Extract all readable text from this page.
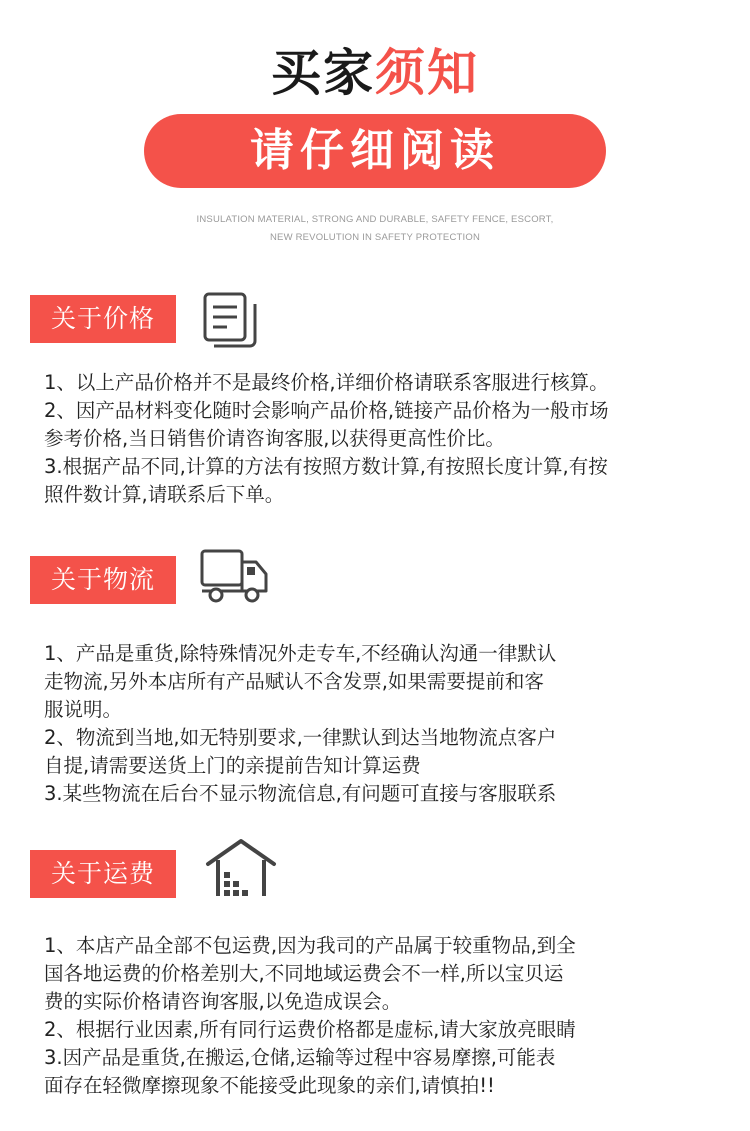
买家须知
请仔细阅读
INSULATION MATERIAL, STRONG AND DURABLE, SAFETY FENCE, ESCORT,
NEW REVOLUTION IN SAFETY PROTECTION
关于价格

1、以上产品价格并不是最终价格,详细价格请联系客服进行核算。

2、因产品材料变化随时会影响产品价格,链接产品价格为一般市场

参考价格,当日销售价请咨询客服,以获得更高性价比。

3.根据产品不同,计算的方法有按照方数计算,有按照长度计算,有按

照件数计算,请联系后下单。

关于物流

1、产品是重货,除特殊情况外走专车,不经确认沟通一律默认

走物流,另外本店所有产品赋认不含发票,如果需要提前和客

服说明。

2、物流到当地,如无特别要求,一律默认到达当地物流点客户

自提,请需要送货上门的亲提前告知计算运费

3.某些物流在后台不显示物流信息,有问题可直接与客服联系

关于运费

1、本店产品全部不包运费,因为我司的产品属于较重物品,到全

国各地运费的价格差别大,不同地域运费会不一样,所以宝贝运

费的实际价格请咨询客服,以免造成误会。

2、根据行业因素,所有同行运费价格都是虚标,请大家放亮眼睛

3.因产品是重货,在搬运,仓储,运输等过程中容易摩擦,可能表

面存在轻微摩擦现象不能接受此现象的亲们,请慎拍!!
